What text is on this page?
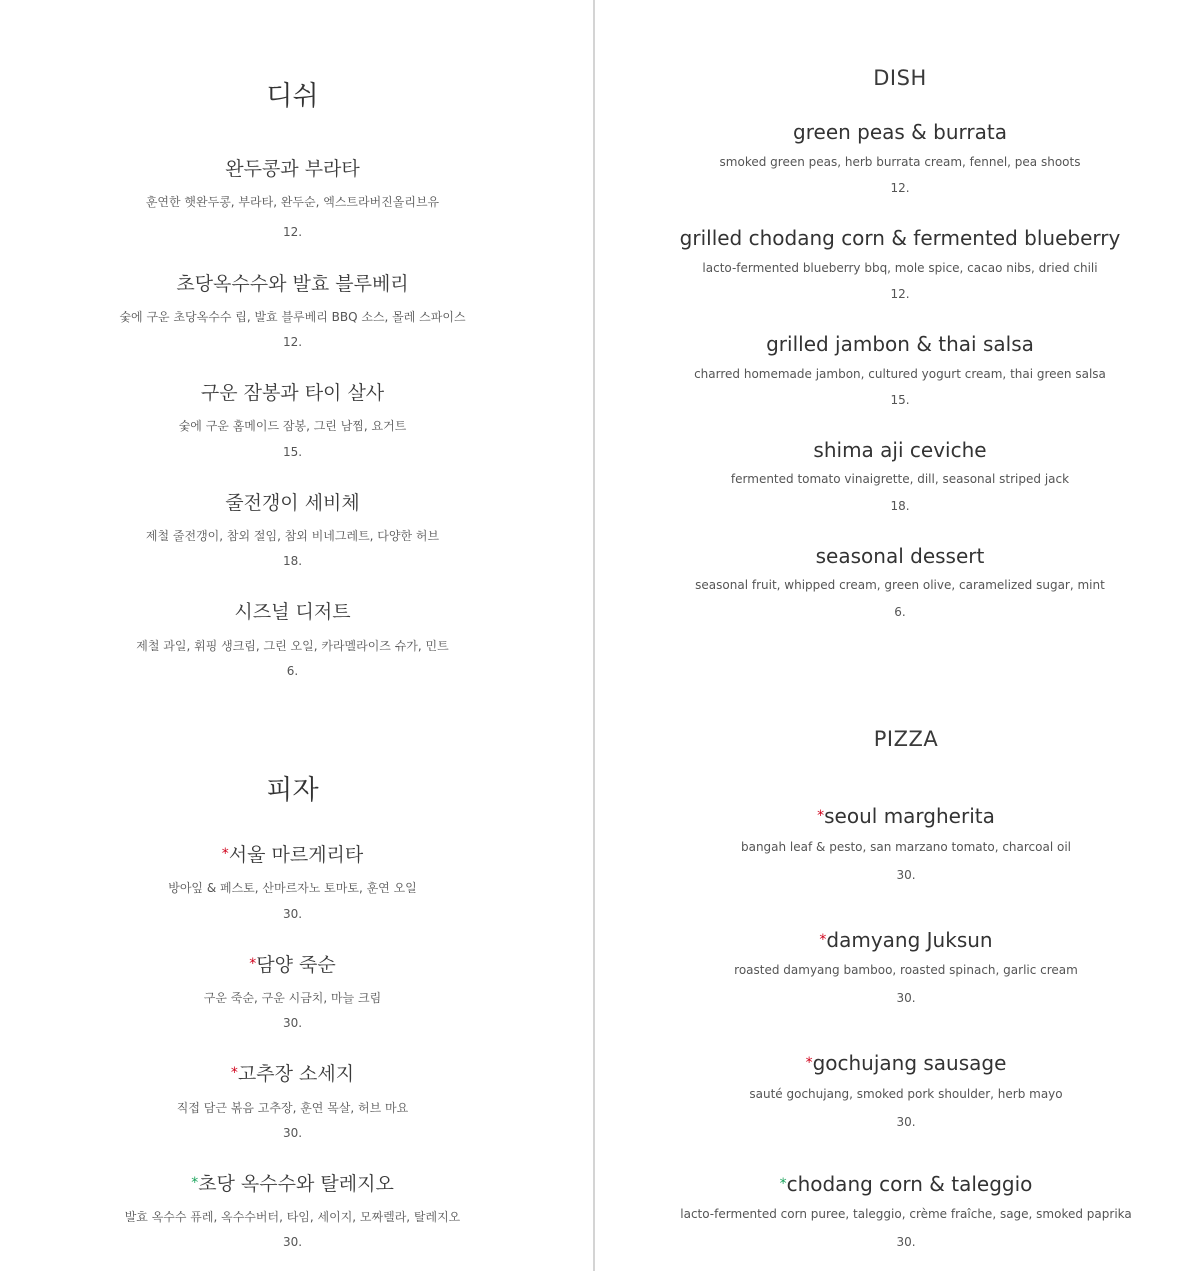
디쉬
완두콩과 부라타
훈연한 햇완두콩, 부라타, 완두순, 엑스트라버진올리브유
12.
초당옥수수와 발효 블루베리
숯에 구운 초당옥수수 립, 발효 블루베리 BBQ 소스, 몰레 스파이스
12.
구운 잠봉과 타이 살사
숯에 구운 홈메이드 잠봉, 그린 남찜, 요거트
15.
줄전갱이 세비체
제철 줄전갱이, 참외 절임, 참외 비네그레트, 다양한 허브
18.
시즈널 디저트
제철 과일, 휘핑 생크림, 그린 오일, 카라멜라이즈 슈가, 민트
6.
피자
*서울 마르게리타
방아잎 & 페스토, 산마르자노 토마토, 훈연 오일
30.
*담양 죽순
구운 죽순, 구운 시금치, 마늘 크림
30.
*고추장 소세지
직접 담근 볶음 고추장, 훈연 목살, 허브 마요
30.
*초당 옥수수와 탈레지오
발효 옥수수 퓨레, 옥수수버터, 타임, 세이지, 모짜렐라, 탈레지오
30.
DISH
green peas & burrata
smoked green peas, herb burrata cream, fennel, pea shoots
12.
grilled chodang corn & fermented blueberry
lacto-fermented blueberry bbq, mole spice, cacao nibs, dried chili
12.
grilled jambon & thai salsa
charred homemade jambon, cultured yogurt cream, thai green salsa
15.
shima aji ceviche
fermented tomato vinaigrette, dill, seasonal striped jack
18.
seasonal dessert
seasonal fruit, whipped cream, green olive, caramelized sugar, mint
6.
PIZZA
*seoul margherita
bangah leaf & pesto, san marzano tomato, charcoal oil
30.
*damyang Juksun
roasted damyang bamboo, roasted spinach, garlic cream
30.
*gochujang sausage
sauté gochujang, smoked pork shoulder, herb mayo
30.
*chodang corn & taleggio
lacto-fermented corn puree, taleggio, crème fraîche, sage, smoked paprika
30.
